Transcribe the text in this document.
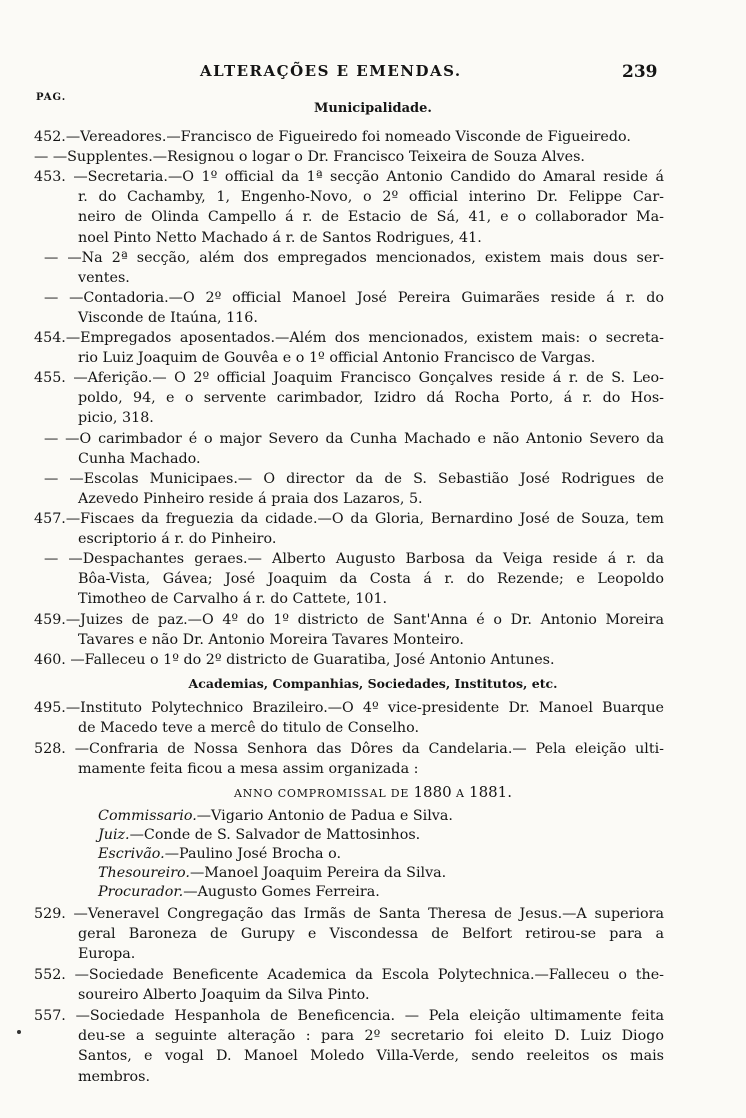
ALTERAÇÕES E EMENDAS.	239
PAG.
Municipalidade.
452.—Vereadores.—Francisco de Figueiredo foi nomeado Visconde de Figueiredo.
— —Supplentes.—Resignou o logar o Dr. Francisco Teixeira de Souza Alves.
453. —Secretaria.—O 1º official da 1ª secção Antonio Candido do Amaral reside á
r. do Cachamby, 1, Engenho-Novo, o 2º official interino Dr. Felippe Car-
neiro de Olinda Campello á r. de Estacio de Sá, 41, e o collaborador Ma-
noel Pinto Netto Machado á r. de Santos Rodrigues, 41.
— —Na 2ª secção, além dos empregados mencionados, existem mais dous ser-
ventes.
— —Contadoria.—O 2º official Manoel José Pereira Guimarães reside á r. do
Visconde de Itaúna, 116.
454.—Empregados aposentados.—Além dos mencionados, existem mais: o secreta-
rio Luiz Joaquim de Gouvêa e o 1º official Antonio Francisco de Vargas.
455. —Aferição.— O 2º official Joaquim Francisco Gonçalves reside á r. de S. Leo-
poldo, 94, e o servente carimbador, Izidro dá Rocha Porto, á r. do Hos-
picio, 318.
— —O carimbador é o major Severo da Cunha Machado e não Antonio Severo da
Cunha Machado.
— —Escolas Municipaes.— O director da de S. Sebastião José Rodrigues de
Azevedo Pinheiro reside á praia dos Lazaros, 5.
457.—Fiscaes da freguezia da cidade.—O da Gloria, Bernardino José de Souza, tem
escriptorio á r. do Pinheiro.
— —Despachantes geraes.— Alberto Augusto Barbosa da Veiga reside á r. da
Bôa-Vista, Gávea; José Joaquim da Costa á r. do Rezende; e Leopoldo
Timotheo de Carvalho á r. do Cattete, 101.
459.—Juizes de paz.—O 4º do 1º districto de Sant'Anna é o Dr. Antonio Moreira
Tavares e não Dr. Antonio Moreira Tavares Monteiro.
460. —Falleceu o 1º do 2º districto de Guaratiba, José Antonio Antunes.
Academias, Companhias, Sociedades, Institutos, etc.
495.—Instituto Polytechnico Brazileiro.—O 4º vice-presidente Dr. Manoel Buarque
de Macedo teve a mercê do titulo de Conselho.
528. —Confraria de Nossa Senhora das Dôres da Candelaria.— Pela eleição ulti-
mamente feita ficou a mesa assim organizada :
ANNO COMPROMISSAL DE 1880 A 1881.
Commissario.—Vigario Antonio de Padua e Silva.
Juiz.—Conde de S. Salvador de Mattosinhos.
Escrivão.—Paulino José Brocha o.
Thesoureiro.—Manoel Joaquim Pereira da Silva.
Procurador.—Augusto Gomes Ferreira.
529. —Veneravel Congregação das Irmãs de Santa Theresa de Jesus.—A superiora
geral Baroneza de Gurupy e Viscondessa de Belfort retirou-se para a
Europa.
552. —Sociedade Beneficente Academica da Escola Polytechnica.—Falleceu o the-
soureiro Alberto Joaquim da Silva Pinto.
557. —Sociedade Hespanhola de Beneficencia. — Pela eleição ultimamente feita
deu-se a seguinte alteração : para 2º secretario foi eleito D. Luiz Diogo
Santos, e vogal D. Manoel Moledo Villa-Verde, sendo reeleitos os mais
membros.
